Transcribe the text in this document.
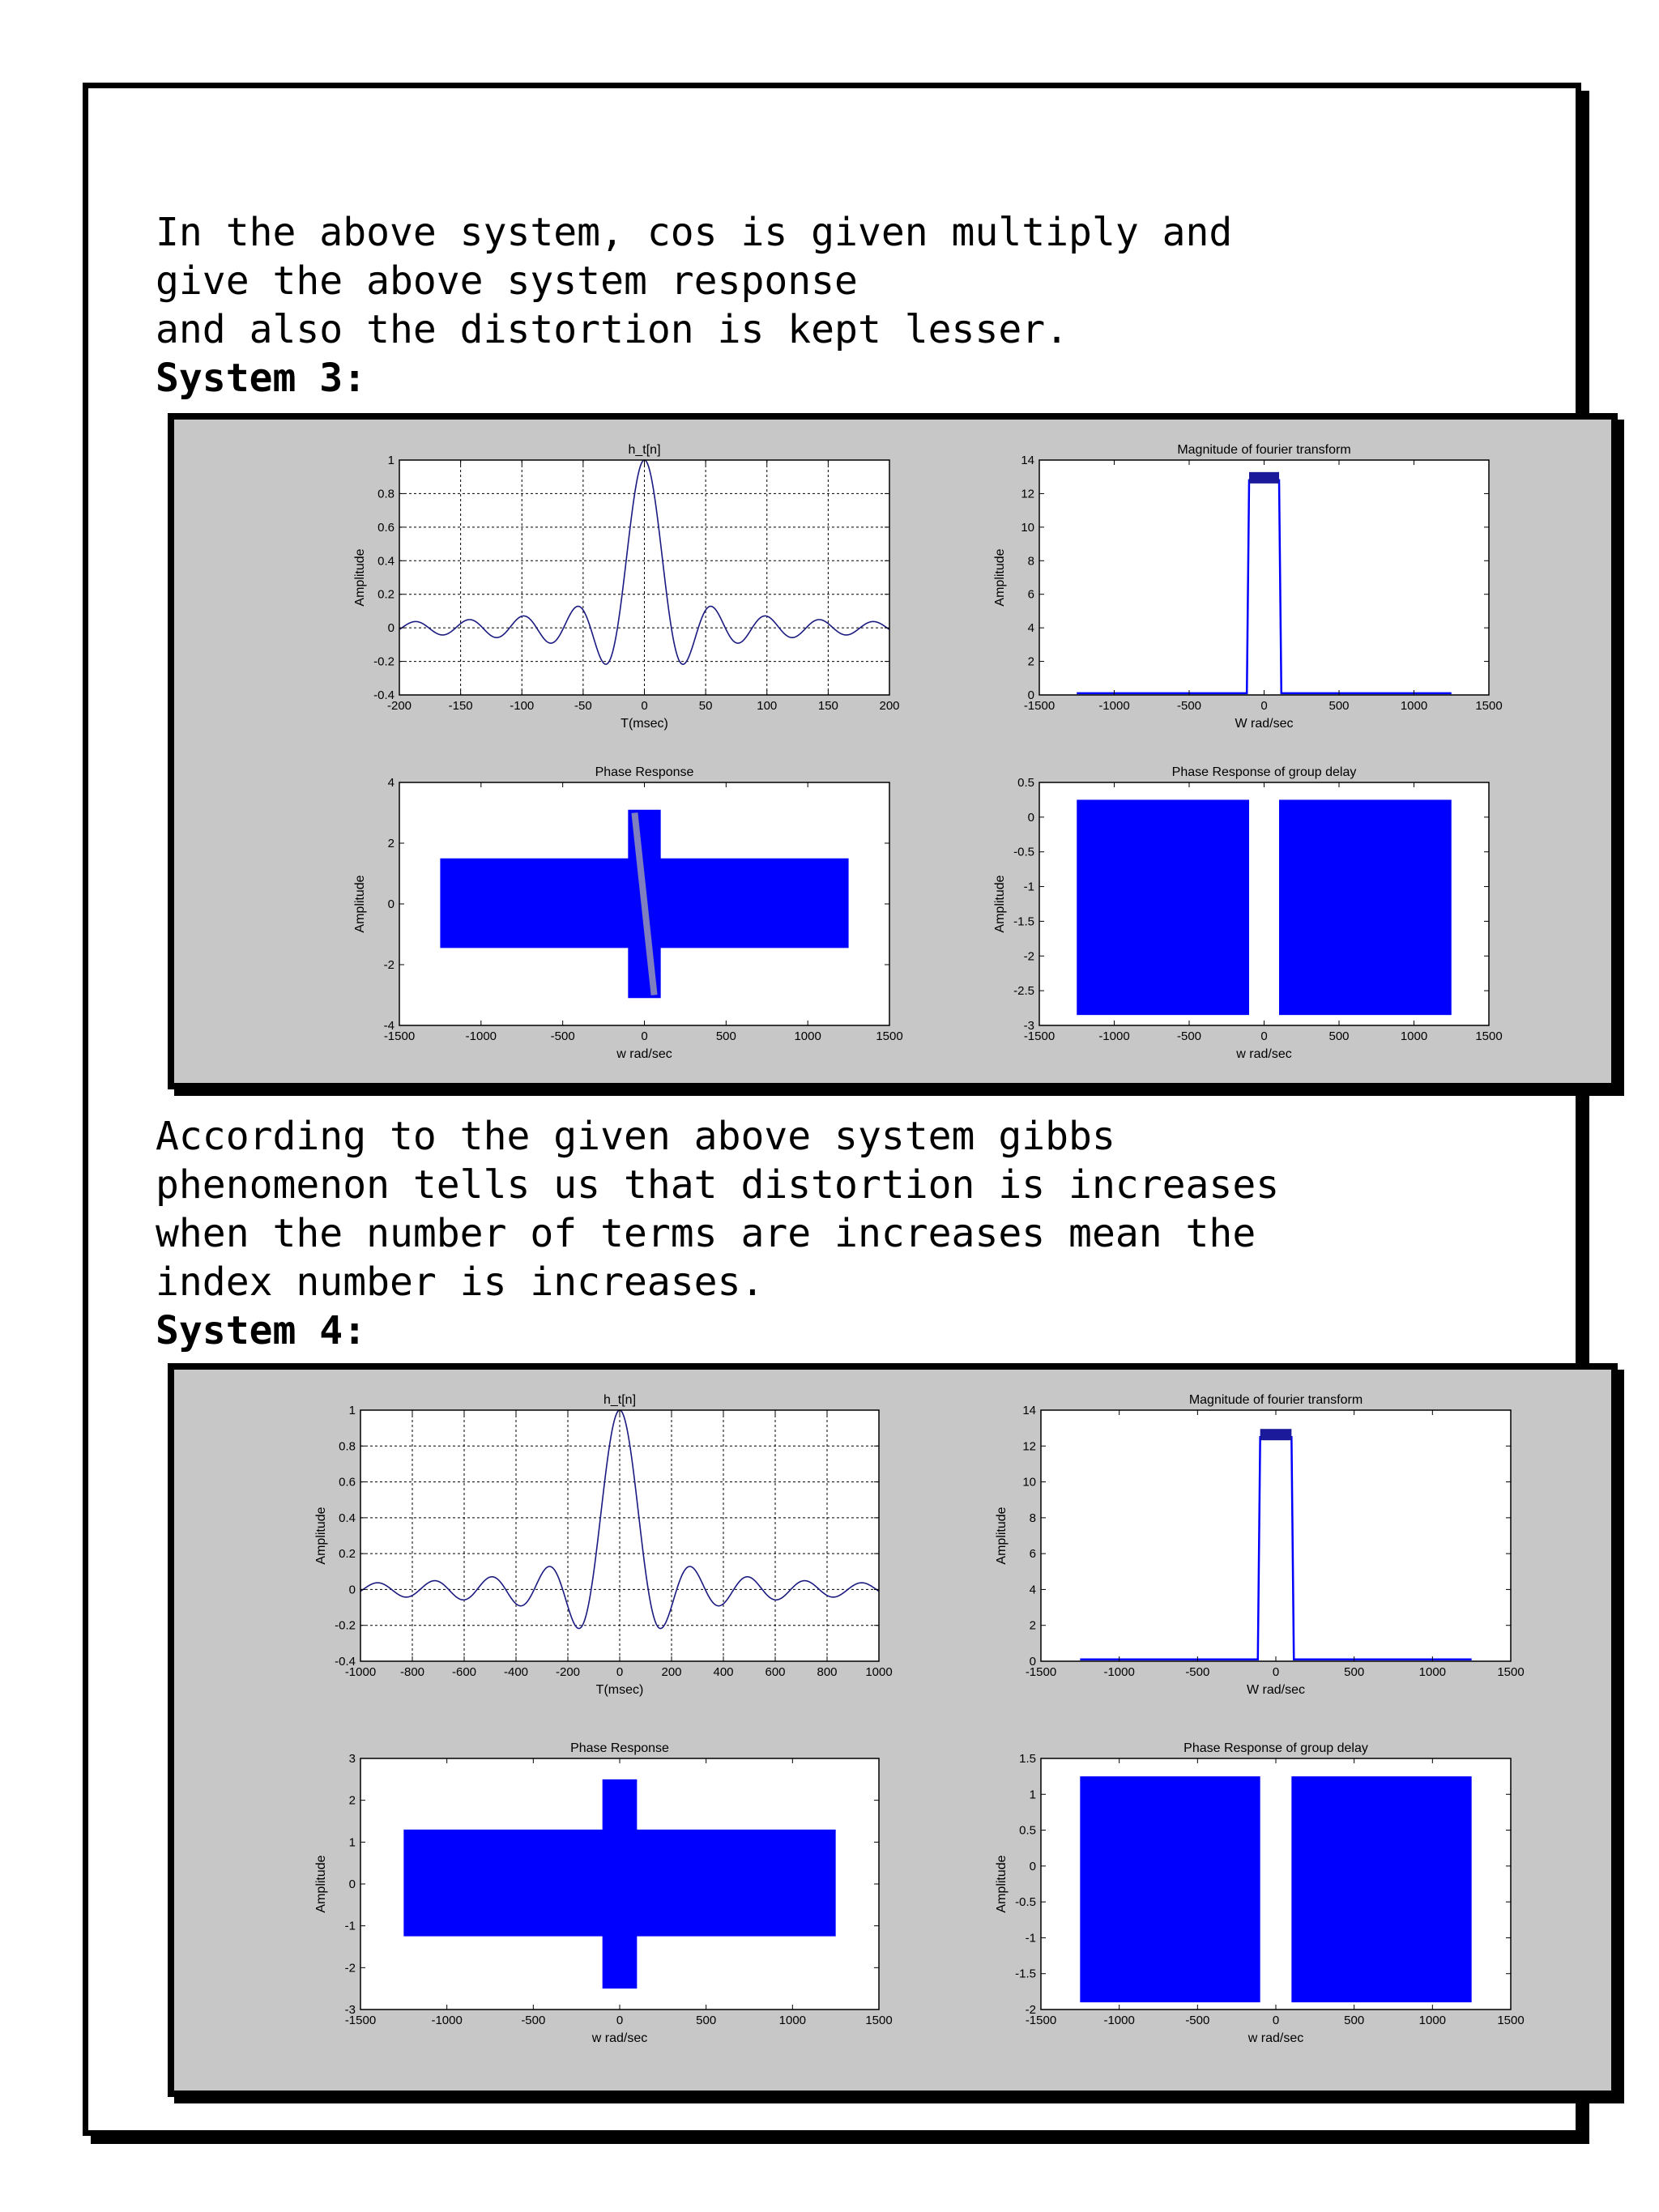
In the above system, cos is given multiply and

give the above system response

and also the distortion is kept lesser.

System 3:

-200	-150	-100	-50	0	50	100	150	200
-0.4
-0.2
0
0.2
0.4
0.6
0.8
1
h_t[n]
T(msec)
Amplitude
-1500	-1000	-500	0	500	1000	1500
0
2
4
6
8
10
12
14
Magnitude of fourier transform
W rad/sec
Amplitude
-1500	-1000	-500	0	500	1000	1500
-4
-2
0
2
4
Phase Response
w rad/sec
Amplitude
-1500	-1000	-500	0	500	1000	1500
-3
-2.5
-2
-1.5
-1
-0.5
0
0.5
Phase Response of group delay
w rad/sec
Amplitude

According to the given above system gibbs

phenomenon tells us that distortion is increases

when the number of terms are increases mean the

index number is increases.

System 4:

-1000 -800 -600 -400 -200	0	200	400	600	800 1000
-0.4
-0.2
0
0.2
0.4
0.6
0.8
1
h_t[n]
T(msec)
Amplitude
-1500	-1000	-500	0	500	1000	1500
0
2
4
6
8
10
12
14
Magnitude of fourier transform
W rad/sec
Amplitude
-1500	-1000	-500	0	500	1000	1500
-3
-2
-1
0
1
2
3
Phase Response
w rad/sec
Amplitude
-1500	-1000	-500	0	500	1000	1500
-2
-1.5
-1
-0.5
0
0.5
1
1.5
Phase Response of group delay
w rad/sec
Amplitude
